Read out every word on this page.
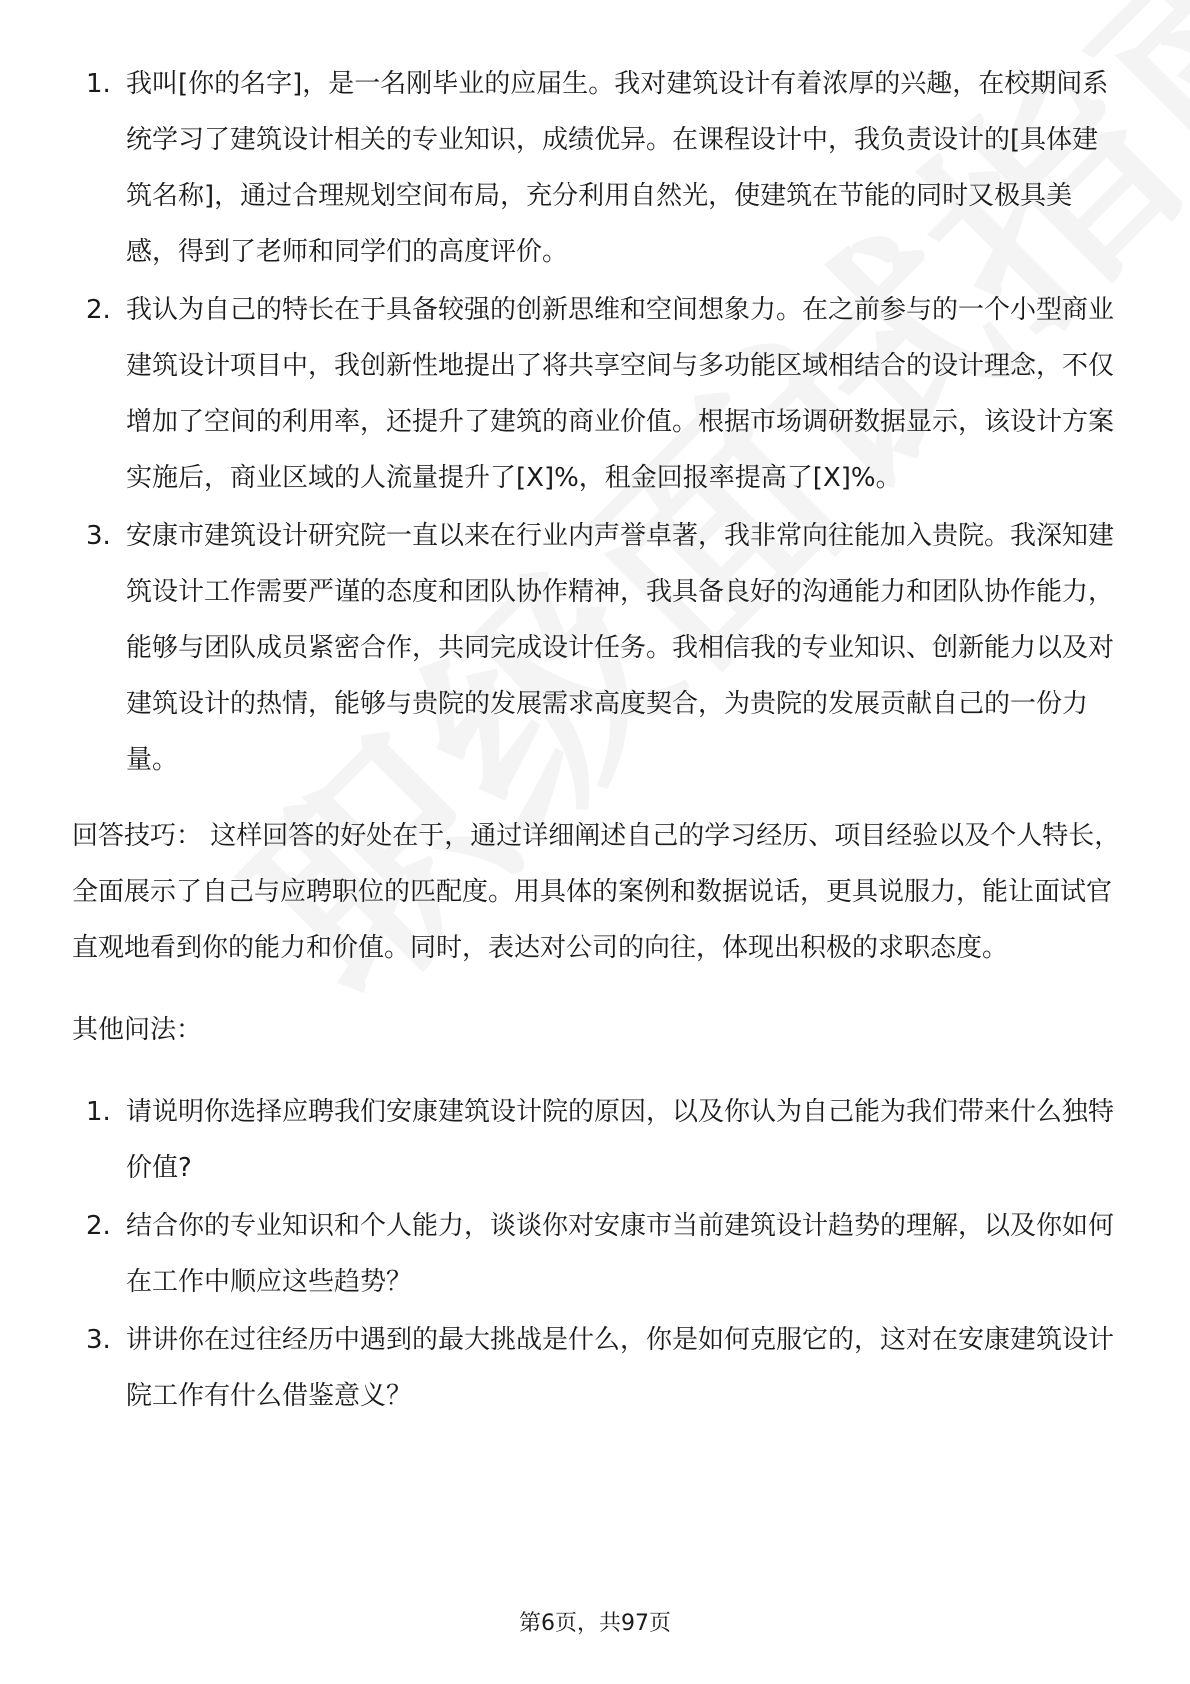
1. 我叫[你的名字]，是一名刚毕业的应届生。我对建筑设计有着浓厚的兴趣，在校期间系统学习了建筑设计相关的专业知识，成绩优异。在课程设计中，我负责设计的[具体建筑名称]，通过合理规划空间布局，充分利用自然光，使建筑在节能的同时又极具美感，得到了老师和同学们的高度评价。
2. 我认为自己的特长在于具备较强的创新思维和空间想象力。在之前参与的一个小型商业建筑设计项目中，我创新性地提出了将共享空间与多功能区域相结合的设计理念，不仅增加了空间的利用率，还提升了建筑的商业价值。根据市场调研数据显示，该设计方案实施后，商业区域的人流量提升了[X]%，租金回报率提高了[X]%。
3. 安康市建筑设计研究院一直以来在行业内声誉卓著，我非常向往能加入贵院。我深知建筑设计工作需要严谨的态度和团队协作精神，我具备良好的沟通能力和团队协作能力，能够与团队成员紧密合作，共同完成设计任务。我相信我的专业知识、创新能力以及对建筑设计的热情，能够与贵院的发展需求高度契合，为贵院的发展贡献自己的一份力量。
回答技巧： 这样回答的好处在于，通过详细阐述自己的学习经历、项目经验以及个人特长，全面展示了自己与应聘职位的匹配度。用具体的案例和数据说话，更具说服力，能让面试官直观地看到你的能力和价值。同时，表达对公司的向往，体现出积极的求职态度。
其他问法：
1. 请说明你选择应聘我们安康建筑设计院的原因，以及你认为自己能为我们带来什么独特价值?
2. 结合你的专业知识和个人能力，谈谈你对安康市当前建筑设计趋势的理解，以及你如何在工作中顺应这些趋势？
3. 讲讲你在过往经历中遇到的最大挑战是什么，你是如何克服它的，这对在安康建筑设计院工作有什么借鉴意义？
第6页，共97页
